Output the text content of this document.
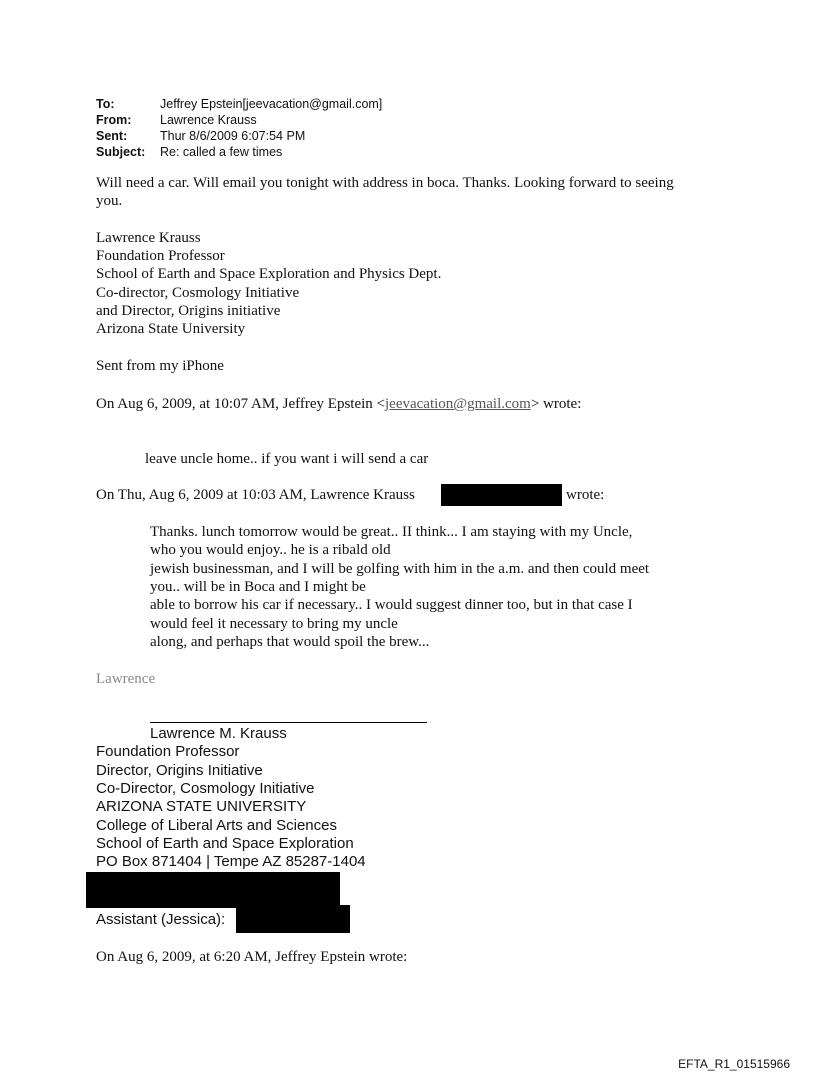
To:	Jeffrey Epstein[jeevacation@gmail.com]
From: Lawrence Krauss
Sent:	Thur 8/6/2009 6:07:54 PM
Subject: Re: called a few times
Will need a car. Will email you tonight with address in boca. Thanks. Looking forward to seeing
you.
Lawrence Krauss
Foundation Professor
School of Earth and Space Exploration and Physics Dept.
Co-director, Cosmology Initiative
and Director, Origins initiative
Arizona State University
Sent from my iPhone
On Aug 6, 2009, at 10:07 AM, Jeffrey Epstein <jeevacation@gmail.com> wrote:
leave uncle home.. if you want i will send a car
On Thu, Aug 6, 2009 at 10:03 AM, Lawrence Krauss	wrote:
Thanks. lunch tomorrow would be great.. II think... I am staying with my Uncle,
who you would enjoy.. he is a ribald old
jewish businessman, and I will be golfing with him in the a.m. and then could meet
you.. will be in Boca and I might be
able to borrow his car if necessary.. I would suggest dinner too, but in that case I
would feel it necessary to bring my uncle
along, and perhaps that would spoil the brew...
Lawrence
Lawrence M. Krauss
Foundation Professor
Director, Origins Initiative
Co-Director, Cosmology Initiative
ARIZONA STATE UNIVERSITY
College of Liberal Arts and Sciences
School of Earth and Space Exploration
PO Box 871404 | Tempe AZ 85287-1404
Assistant (Jessica):
On Aug 6, 2009, at 6:20 AM, Jeffrey Epstein wrote:
EFTA_R1_01515966
